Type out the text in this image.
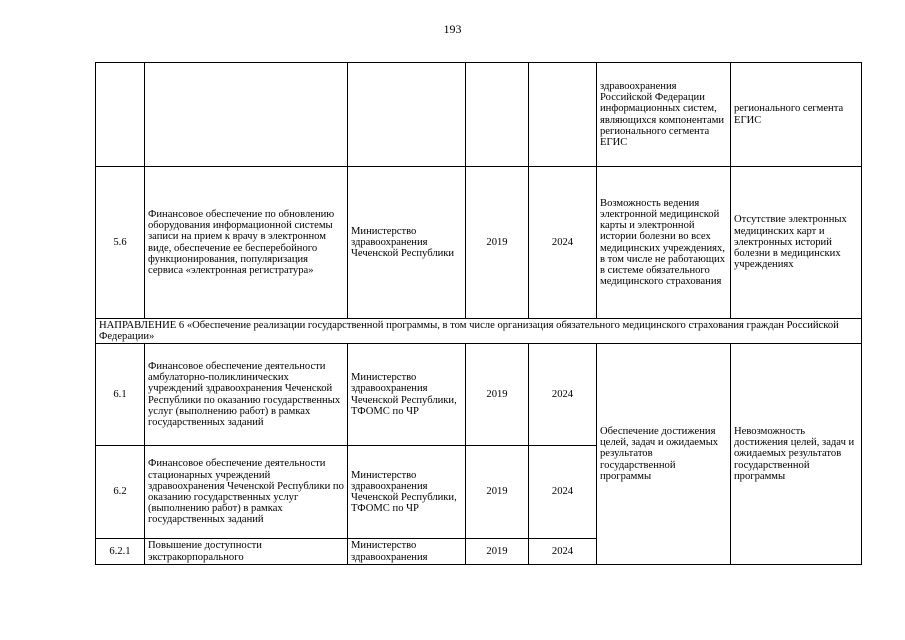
193
					здравоохранения Российской Федерации информационных систем, являющихся компонентами регионального сегмента ЕГИС	регионального сегмента ЕГИС
5.6	Финансовое обеспечение по обновлению оборудования информационной системы записи на прием к врачу в электронном виде, обеспечение ее бесперебойного функционирования, популяризация сервиса «электронная регистратура»	Министерство здравоохранения Чеченской Республики	2019	2024	Возможность ведения электронной медицинской карты и электронной истории болезни во всех медицинских учреждениях, в том числе не работающих в системе обязательного медицинского страхования	Отсутствие электронных медицинских карт и электронных историй болезни в медицинских учреждениях
НАПРАВЛЕНИЕ 6 «Обеспечение реализации государственной программы, в том числе организация обязательного медицинского страхования граждан Российской Федерации»						
6.1	Финансовое обеспечение деятельности амбулаторно-поликлинических учреждений здравоохранения Чеченской Республики по оказанию государственных услуг (выполнению работ) в рамках государственных заданий	Министерство здравоохранения Чеченской Республики, ТФОМС по ЧР	2019	2024	Обеспечение достижения целей, задач и ожидаемых результатов государственной программы	Невозможность достижения целей, задач и ожидаемых результатов государственной программы
6.2	Финансовое обеспечение деятельности стационарных учреждений здравоохранения Чеченской Республики по оказанию государственных услуг (выполнению работ) в рамках государственных заданий	Министерство здравоохранения Чеченской Республики, ТФОМС по ЧР	2019	2024		
6.2.1	Повышение доступности экстракорпорального	Министерство здравоохранения	2019	2024		
